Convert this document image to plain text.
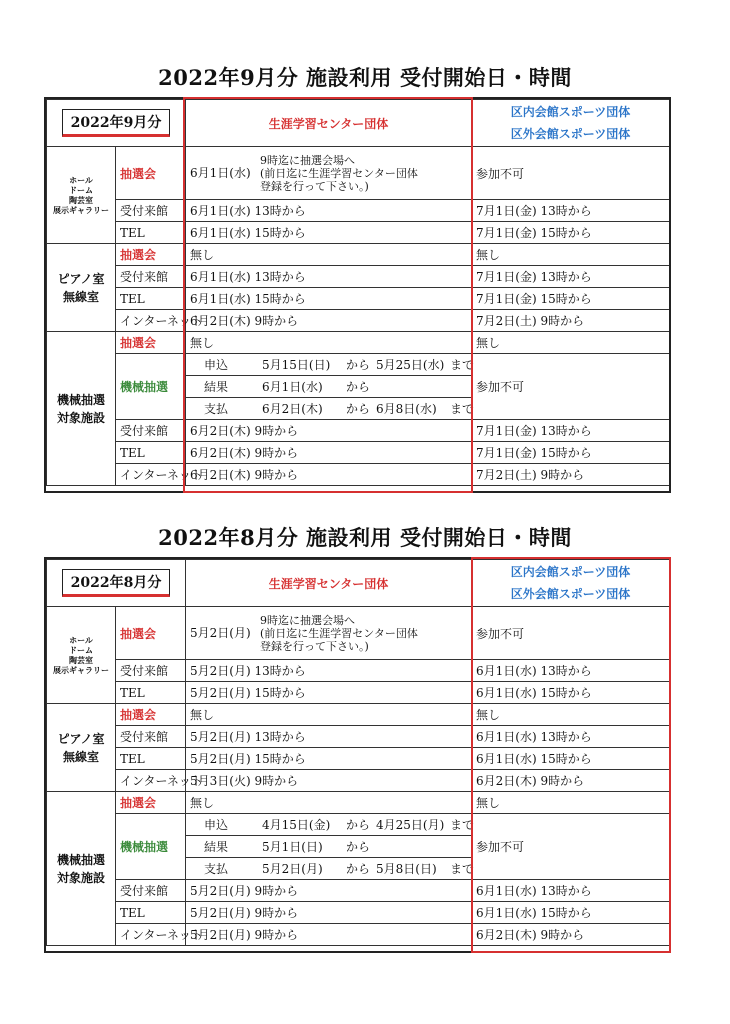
2022年9月分 施設利用 受付開始日・時間
2022年9月分	生涯学習センター団体	
区内会館スポーツ団体
区外会館スポーツ団体

ホール
ドーム
陶芸室
展示ギャラリー	抽選会		6月1日(水)	9時迄に抽選会場へ
(前日迄に生涯学習センター団体
登録を行って下さい。)
	参加不可
受付来館	6月1日(水) 13時から	7月1日(金) 13時から
TEL	6月1日(水) 15時から	7月1日(金) 15時から
ピアノ室
無線室	抽選会	無し	無し
受付来館	6月1日(水) 13時から	7月1日(金) 13時から
TEL	6月1日(水) 15時から	7月1日(金) 15時から
インターネット	6月2日(木) 9時から	7月2日(土) 9時から
機械抽選
対象施設	抽選会	無し	無し
機械抽選	申込	5月15日(日) から 5月25日(水) まで	参加不可
結果	6月1日(水) から
支払	6月2日(木) から 6月8日(水) まで
受付来館	6月2日(木) 9時から	7月1日(金) 13時から
TEL	6月2日(木) 9時から	7月1日(金) 15時から
インターネット	6月2日(木) 9時から	7月2日(土) 9時から
2022年8月分 施設利用 受付開始日・時間
2022年8月分	生涯学習センター団体	
区内会館スポーツ団体
区外会館スポーツ団体

ホール
ドーム
陶芸室
展示ギャラリー	抽選会		5月2日(月)	9時迄に抽選会場へ
(前日迄に生涯学習センター団体
登録を行って下さい。)
	参加不可
受付来館	5月2日(月) 13時から	6月1日(水) 13時から
TEL	5月2日(月) 15時から	6月1日(水) 15時から
ピアノ室
無線室	抽選会	無し	無し
受付来館	5月2日(月) 13時から	6月1日(水) 13時から
TEL	5月2日(月) 15時から	6月1日(水) 15時から
インターネット	5月3日(火) 9時から	6月2日(木) 9時から
機械抽選
対象施設	抽選会	無し	無し
機械抽選	申込	4月15日(金) から 4月25日(月) まで	参加不可
結果	5月1日(日) から
支払	5月2日(月) から 5月8日(日) まで
受付来館	5月2日(月) 9時から	6月1日(水) 13時から
TEL	5月2日(月) 9時から	6月1日(水) 15時から
インターネット	5月2日(月) 9時から	6月2日(木) 9時から
